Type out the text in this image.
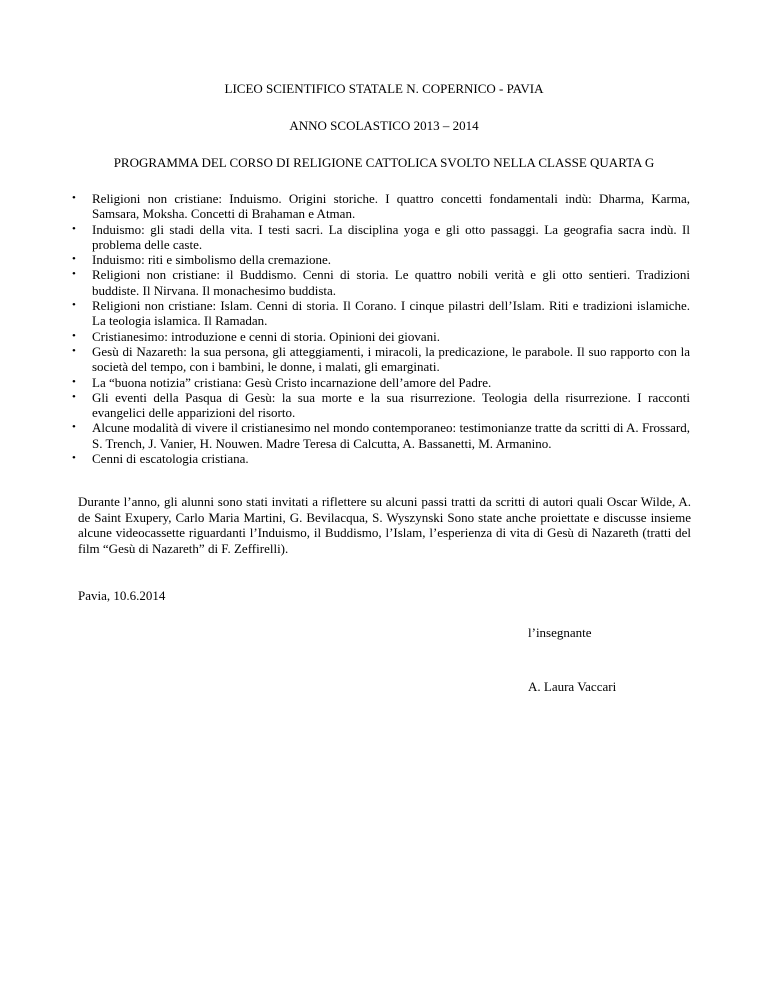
LICEO SCIENTIFICO STATALE N. COPERNICO - PAVIA
ANNO SCOLASTICO 2013 – 2014
PROGRAMMA DEL CORSO DI RELIGIONE CATTOLICA SVOLTO NELLA CLASSE QUARTA G
• Religioni non cristiane: Induismo. Origini storiche. I quattro concetti fondamentali indù: Dharma, Karma, Samsara, Moksha. Concetti di Brahaman e Atman.
• Induismo: gli stadi della vita. I testi sacri. La disciplina yoga e gli otto passaggi. La geografia sacra indù. Il problema delle caste.
• Induismo: riti e simbolismo della cremazione.
• Religioni non cristiane: il Buddismo. Cenni di storia. Le quattro nobili verità e gli otto sentieri. Tradizioni buddiste. Il Nirvana. Il monachesimo buddista.
• Religioni non cristiane: Islam. Cenni di storia. Il Corano. I cinque pilastri dell’Islam. Riti e tradizioni islamiche. La teologia islamica. Il Ramadan.
• Cristianesimo: introduzione e cenni di storia. Opinioni dei giovani.
• Gesù di Nazareth: la sua persona, gli atteggiamenti, i miracoli, la predicazione, le parabole. Il suo rapporto con la società del tempo, con i bambini, le donne, i malati, gli emarginati.
• La “buona notizia” cristiana: Gesù Cristo incarnazione dell’amore del Padre.
• Gli eventi della Pasqua di Gesù: la sua morte e la sua risurrezione. Teologia della risurrezione. I racconti evangelici delle apparizioni del risorto.
• Alcune modalità di vivere il cristianesimo nel mondo contemporaneo: testimonianze tratte da scritti di A. Frossard, S. Trench, J. Vanier, H. Nouwen. Madre Teresa di Calcutta, A. Bassanetti, M. Armanino.
• Cenni di escatologia cristiana.

Durante l’anno, gli alunni sono stati invitati a riflettere su alcuni passi tratti da scritti di autori quali Oscar Wilde, A. de Saint Exupery, Carlo Maria Martini, G. Bevilacqua, S. Wyszynski Sono state anche proiettate e discusse insieme alcune videocassette riguardanti l’Induismo, il Buddismo, l’Islam, l’esperienza di vita di Gesù di Nazareth (tratti del film “Gesù di Nazareth” di F. Zeffirelli).

Pavia, 10.6.2014
l’insegnante
A. Laura Vaccari
